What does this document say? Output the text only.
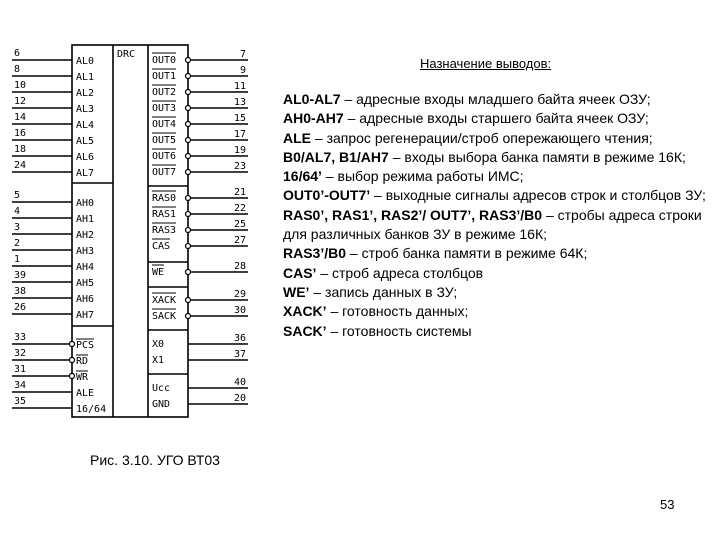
DRC
6
AL0
8
AL1
10
AL2
12
AL3
14
AL4
16
AL5
18
AL6
24
AL7
5
AH0
4
AH1
3
AH2
2
AH3
1
AH4
39
AH5
38
AH6
26
AH7
33
PCS
32
RD
31
WR
34
ALE
35
16/64
7
OUT0
9
OUT1
11
OUT2
13
OUT3
15
OUT4
17
OUT5
19
OUT6
23
OUT7
21
RAS0
22
RAS1
25
RAS3
27
CAS
28
WE
29
XACK
30
SACK
36
X0
37
X1
40
Ucc
20
GND
Назначение выводов:

AL0-AL7 – адресные входы младшего байта ячеек ОЗУ;

AH0-AH7 – адресные входы старшего байта ячеек ОЗУ;

ALE – запрос регенерации/строб опережающего чтения;

B0/AL7, B1/AH7 – входы выбора банка памяти в режиме 16К;

16/64’ – выбор режима работы ИМС;

OUT0’-OUT7’ – выходные сигналы адресов строк и столбцов ЗУ;

RAS0’, RAS1’, RAS2’/ OUT7’, RAS3’/B0 – стробы адреса строки для различных банков ЗУ в режиме 16К;

RAS3’/B0 – строб банка памяти в режиме 64К;

CAS’ – строб адреса столбцов

WE’ – запись данных в ЗУ;

XACK’ – готовность данных;

SACK’ – готовность системы

Рис. 3.10. УГО ВТ03
53
